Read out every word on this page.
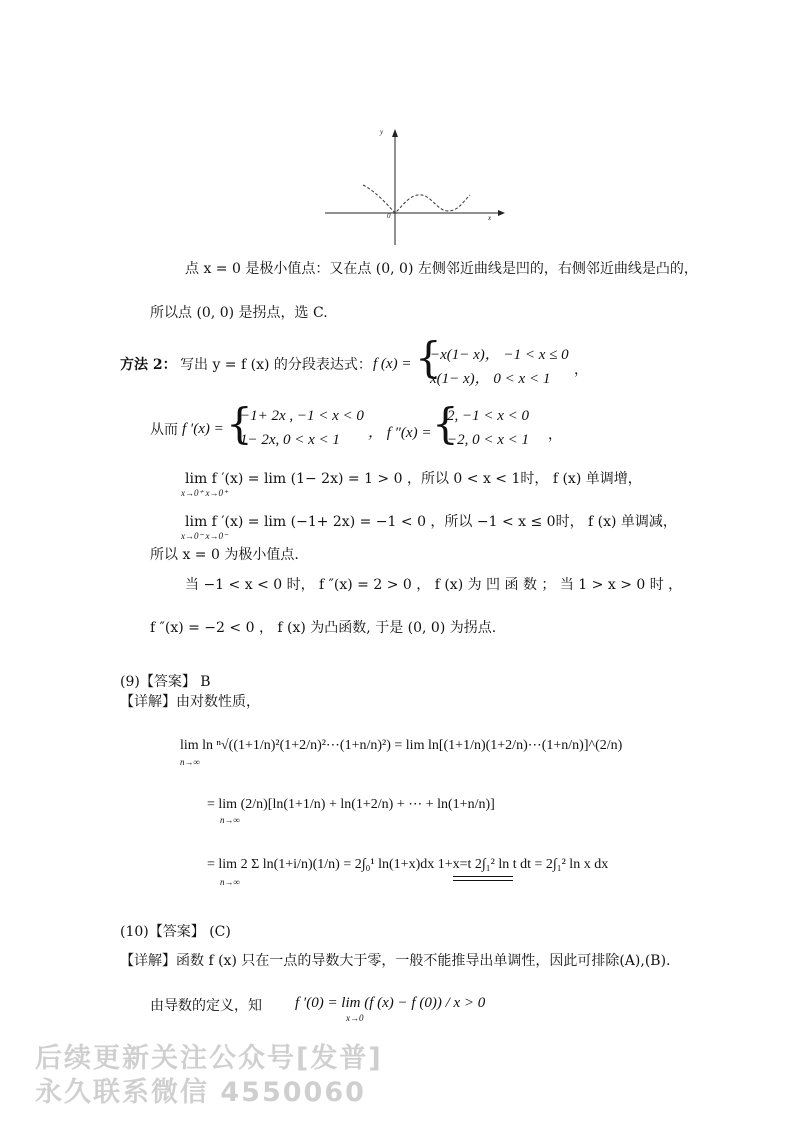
0	x
y
点 x = 0 是极小值点：又在点 (0, 0) 左侧邻近曲线是凹的，右侧邻近曲线是凸的，
所以点 (0, 0) 是拐点，选 C.
方法 2： 写出 y = f (x) 的分段表达式： f (x) = {
−x(1− x)， −1 < x ≤ 0
x(1− x)， 0 < x < 1
，
从而 f ′(x) = {
−1+ 2x , −1 < x < 0
1− 2x, 0 < x < 1 ， f ″(x) = {
2, −1 < x < 0
−2, 0 < x < 1 ，
lim f ′(x) = lim (1− 2x) = 1 > 0 ，所以 0 < x < 1时， f (x) 单调增，
x→0⁺ x→0⁺
lim f ′(x) = lim (−1+ 2x) = −1 < 0 ，所以 −1 < x ≤ 0时， f (x) 单调减，
x→0⁻ x→0⁻
所以 x = 0 为极小值点.
当 −1 < x < 0 时， f ″(x) = 2 > 0 ， f (x) 为 凹 函 数 ； 当 1 > x > 0 时 ，
f ″(x) = −2 < 0 ， f (x) 为凸函数, 于是 (0, 0) 为拐点.
(9)【答案】 B
【详解】由对数性质，
lim ln ⁿ√((1+1/n)²(1+2/n)²⋯(1+n/n)²) = lim ln[(1+1/n)(1+2/n)⋯(1+n/n)]^(2/n)
n→∞
= lim (2/n)[ln(1+1/n) + ln(1+2/n) + ⋯ + ln(1+n/n)]
n→∞
= lim 2 Σ ln(1+i/n)(1/n) = 2∫₀¹ ln(1+x)dx 1+x=t 2∫₁² ln t dt = 2∫₁² ln x dx
n→∞
(10)【答案】 (C)
【详解】函数 f (x) 只在一点的导数大于零，一般不能推导出单调性，因此可排除(A),(B).
由导数的定义，知 f ′(0) = lim (f (x) − f (0)) / x > 0
x→0
后续更新关注公众号[发普]
永久联系微信 4550060
